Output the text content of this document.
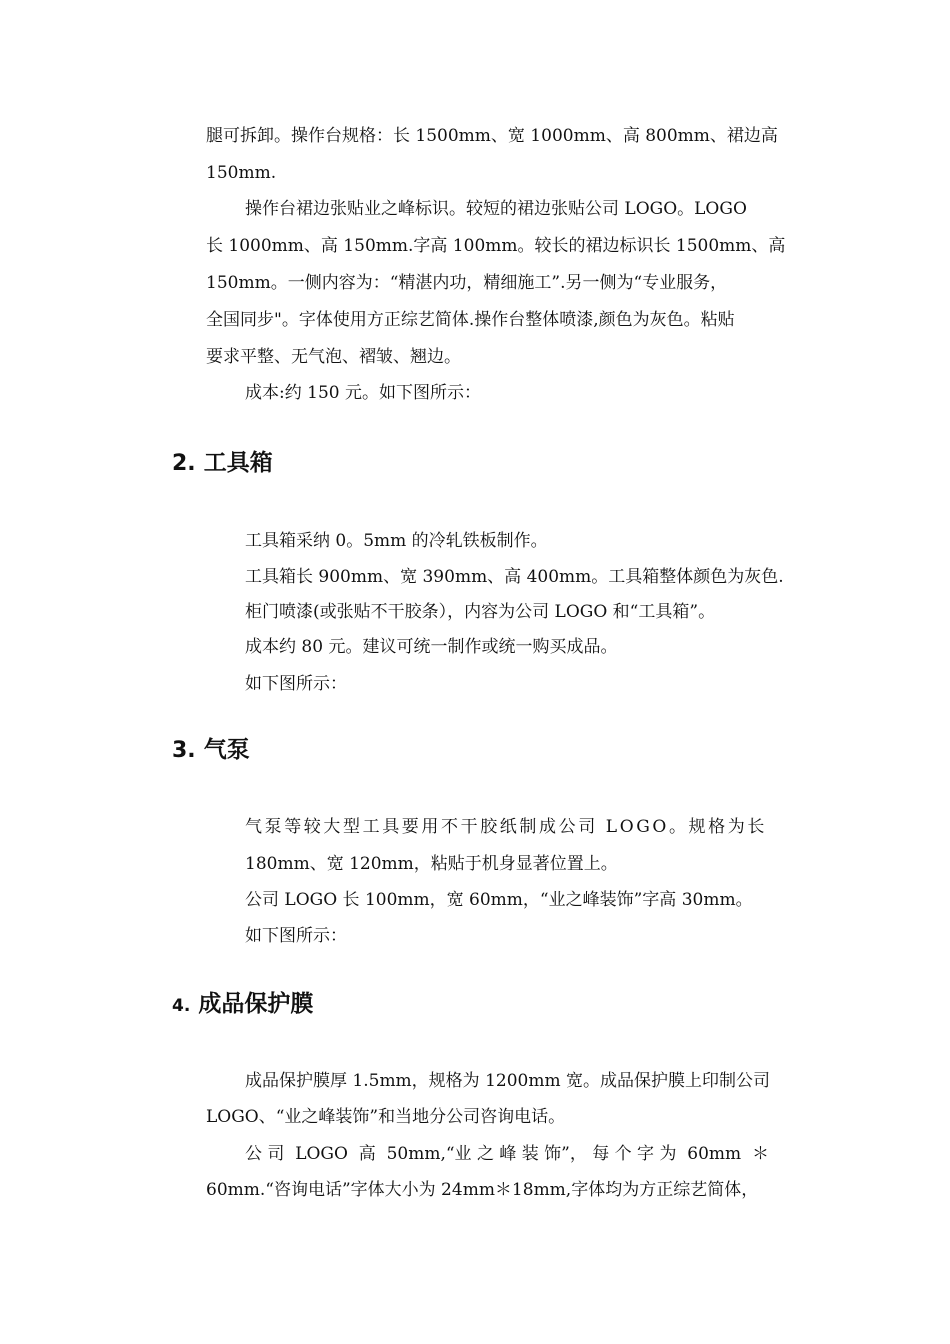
腿可拆卸。操作台规格：长 1500mm、宽 1000mm、高 800mm、裙边高

150mm.

操作台裙边张贴业之峰标识。较短的裙边张贴公司 LOGO。LOGO

长 1000mm、高 150mm.字高 100mm。较长的裙边标识长 1500mm、高

150mm。一侧内容为：“精湛内功，精细施工”.另一侧为“专业服务，

全国同步"。字体使用方正综艺简体.操作台整体喷漆,颜色为灰色。粘贴

要求平整、无气泡、褶皱、翘边。

成本:约 150 元。如下图所示：

2. 工具箱

工具箱采纳 0。5mm 的冷轧铁板制作。

工具箱长 900mm、宽 390mm、高 400mm。工具箱整体颜色为灰色.

柜门喷漆(或张贴不干胶条），内容为公司 LOGO 和“工具箱”。

成本约 80 元。建议可统一制作或统一购买成品。

如下图所示：

3. 气泵

气泵等较大型工具要用不干胶纸制成公司 LOGO。规格为长

180mm、宽 120mm，粘贴于机身显著位置上。

公司 LOGO 长 100mm，宽 60mm，“业之峰装饰”字高 30mm。

如下图所示：

4. 成品保护膜

成品保护膜厚 1.5mm，规格为 1200mm 宽。成品保护膜上印制公司

LOGO、“业之峰装饰”和当地分公司咨询电话。

公 司  LOGO  高  50mm,“业 之 峰 装 饰”， 每 个 字 为  60mm  ＊

60mm.“咨询电话”字体大小为 24mm＊18mm,字体均为方正综艺简体，
